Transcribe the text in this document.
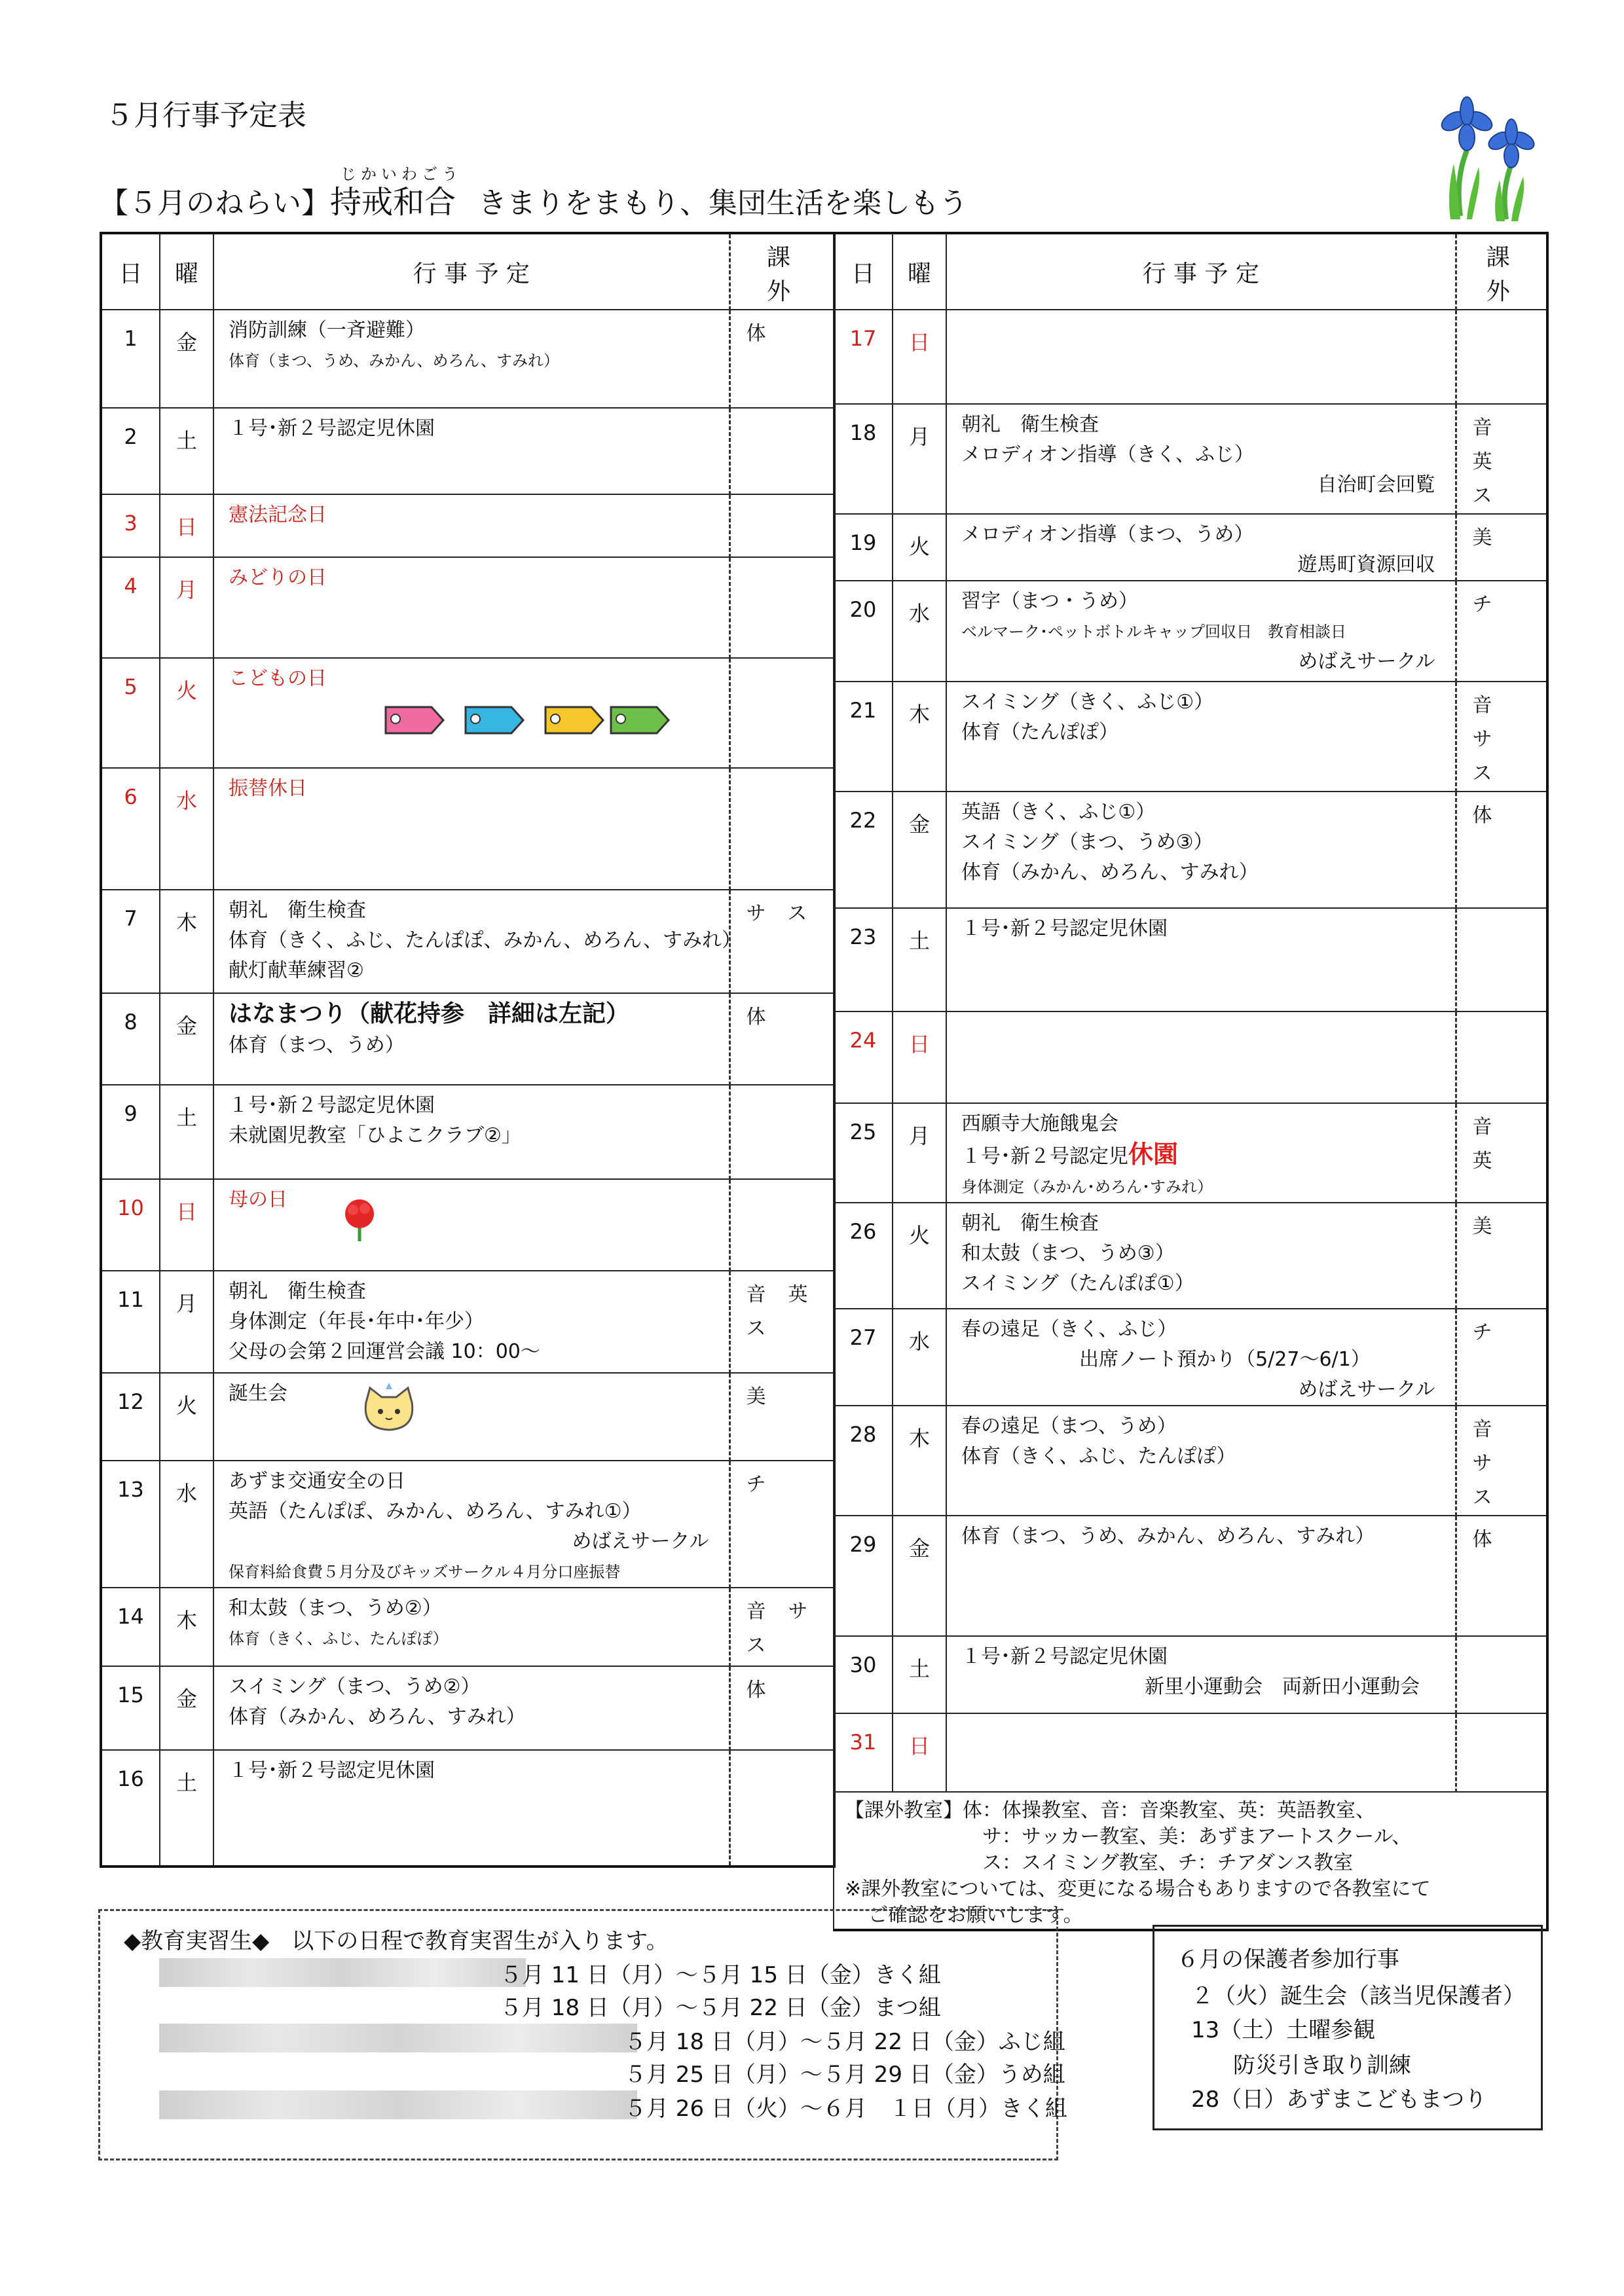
５月行事予定表
じかいわごう
【５月のねらい】持戒和合 きまりをまもり、集団生活を楽しもう
日	曜	行 事 予 定	課外
1	金	消防訓練（一斉避難）
体育（まつ、うめ、みかん、めろん、すみれ）	体
2	土	１号･新２号認定児休園	

3	日	憲法記念日	

4	月	みどりの日	

5	火	こどもの日	

6	水	振替休日	

7	木	朝礼　衛生検査
体育（きく、ふじ、たんぽぽ、みかん、めろん、すみれ）
献灯献華練習②	サス
8	金	はなまつり（献花持参　詳細は左記）
体育（まつ、うめ）	体
9	土	１号･新２号認定児休園
未就園児教室「ひよこクラブ②」	

10	日	母の日	

11	月	朝礼　衛生検査
身体測定（年長･年中･年少）
父母の会第２回運営会議 10：00～	音英ス
12	火	誕生会	美
13	水	あずま交通安全の日
英語（たんぽぽ、みかん、めろん、すみれ①）
めばえサークル
保育料給食費５月分及びキッズサークル４月分口座振替	チ
14	木	和太鼓（まつ、うめ②）
体育（きく、ふじ、たんぽぽ）	音サス
15	金	スイミング（まつ、うめ②）
体育（みかん、めろん、すみれ）	体
16	土	１号･新２号認定児休園	

日	曜	行 事 予 定	課外
17	日		
18	月	朝礼　衛生検査
メロディオン指導（きく、ふじ）
自治町会回覧	音英ス
19	火	メロディオン指導（まつ、うめ）
遊馬町資源回収	美
20	水	習字（まつ・うめ）
ベルマーク･ペットボトルキャップ回収日　教育相談日
めばえサークル	チ
21	木	スイミング（きく、ふじ①）
体育（たんぽぽ）	音サス
22	金	英語（きく、ふじ①）
スイミング（まつ、うめ③）
体育（みかん、めろん、すみれ）	体
23	土	１号･新２号認定児休園	

24	日		
25	月	西願寺大施餓鬼会
１号･新２号認定児休園

身体測定（みかん･めろん･すみれ）	音英
26	火	朝礼　衛生検査
和太鼓（まつ、うめ③）
スイミング（たんぽぽ①）	美
27	水	春の遠足（きく、ふじ）
出席ノート預かり（5/27～6/1）
めばえサークル	チ
28	木	春の遠足（まつ、うめ）
体育（きく、ふじ、たんぽぽ）	音サス
29	金	体育（まつ、うめ、みかん、めろん、すみれ）	体
30	土	１号･新２号認定児休園
新里小運動会　両新田小運動会	

31	日		

【課外教室】体：体操教室、音：音楽教室、英：英語教室、
サ：サッカー教室、美：あずまアートスクール、
ス：スイミング教室、チ：チアダンス教室
※課外教室については、変更になる場合もありますので各教室にて
ご確認をお願いします。			
◆教育実習生◆　以下の日程で教育実習生が入ります。
５月 11 日（月）～５月 15 日（金）きく組
５月 18 日（月）～５月 22 日（金）まつ組
５月 18 日（月）～５月 22 日（金）ふじ組
５月 25 日（月）～５月 29 日（金）うめ組
５月 26 日（火）～６月　１日（月）きく組
６月の保護者参加行事
２（火）誕生会（該当児保護者）
13（土）土曜参観
防災引き取り訓練
28（日）あずまこどもまつり
